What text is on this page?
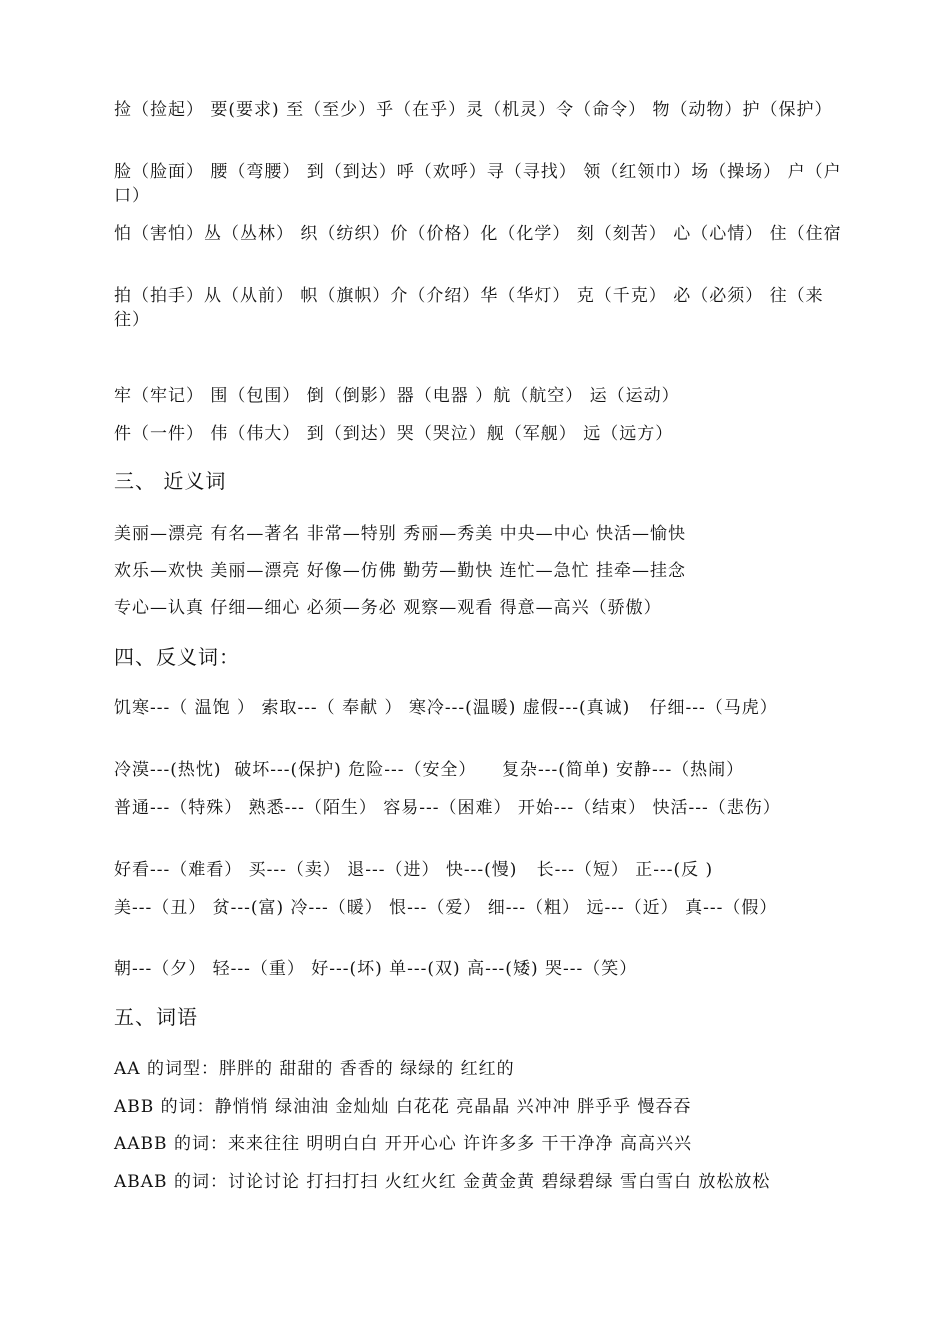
捡（捡起） 要(要求) 至（至少）乎（在乎）灵（机灵）令（命令） 物（动物）护（保护）
脸（脸面） 腰（弯腰） 到（到达）呼（欢呼）寻（寻找） 领（红领巾）场（操场） 户（户口）
怕（害怕）丛（丛林） 织（纺织）价（价格）化（化学） 刻（刻苦） 心（心情） 住（住宿
拍（拍手）从（从前） 帜（旗帜）介（介绍）华（华灯） 克（千克） 必（必须） 往（来往）
牢（牢记） 围（包围） 倒（倒影）器（电器 ）航（航空） 运（运动）
件（一件） 伟（伟大） 到（到达）哭（哭泣）舰（军舰） 远（远方）
三、 近义词
美丽—漂亮 有名—著名 非常—特别 秀丽—秀美 中央—中心 快活—愉快
欢乐—欢快 美丽—漂亮 好像—仿佛 勤劳—勤快 连忙—急忙 挂牵—挂念
专心—认真 仔细—细心 必须—务必 观察—观看 得意—高兴（骄傲）
四、反义词：
饥寒---（ 温饱 ） 索取---（ 奉献 ） 寒冷---(温暖) 虚假---(真诚)   仔细---（马虎）
冷漠---(热忱)  破坏---(保护) 危险---（安全）    复杂---(简单) 安静---（热闹）
普通---（特殊） 熟悉---（陌生） 容易---（困难） 开始---（结束） 快活---（悲伤）
好看---（难看） 买---（卖） 退---（进） 快---(慢)   长---（短） 正---(反 )
美---（丑） 贫---(富) 冷---（暖） 恨---（爱） 细---（粗） 远---（近） 真---（假）
朝---（夕） 轻---（重） 好---(坏) 单---(双) 高---(矮) 哭---（笑）
五、词语
AA 的词型：胖胖的 甜甜的 香香的 绿绿的 红红的
ABB 的词：静悄悄 绿油油 金灿灿 白花花 亮晶晶 兴冲冲 胖乎乎 慢吞吞
AABB 的词：来来往往 明明白白 开开心心 许许多多 干干净净 高高兴兴
ABAB 的词：讨论讨论 打扫打扫 火红火红 金黄金黄 碧绿碧绿 雪白雪白 放松放松
